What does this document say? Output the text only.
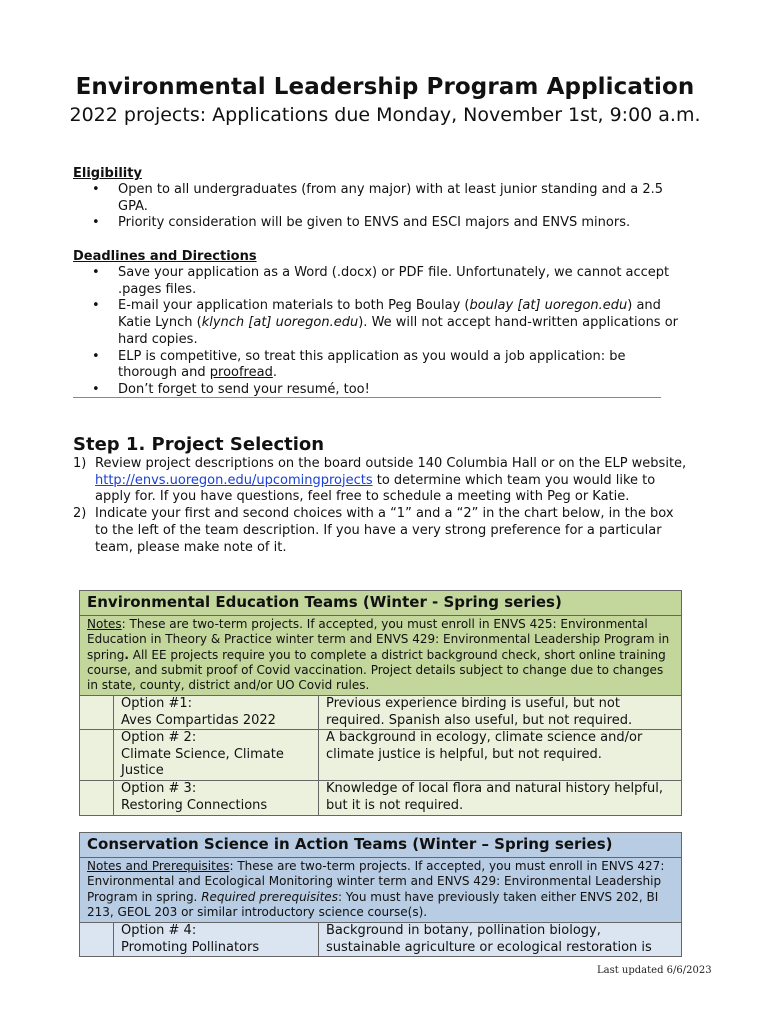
Environmental Leadership Program Application
2022 projects: Applications due Monday, November 1st, 9:00 a.m.
Eligibility
• Open to all undergraduates (from any major) with at least junior standing and a 2.5 GPA.
• Priority consideration will be given to ENVS and ESCI majors and ENVS minors.
Deadlines and Directions
• Save your application as a Word (.docx) or PDF file. Unfortunately, we cannot accept .pages files.
• E-mail your application materials to both Peg Boulay (boulay [at] uoregon.edu) and Katie Lynch (klynch [at] uoregon.edu). We will not accept hand-written applications or hard copies.
• ELP is competitive, so treat this application as you would a job application: be thorough and proofread.
• Don’t forget to send your resumé, too!
Step 1. Project Selection
1) Review project descriptions on the board outside 140 Columbia Hall or on the ELP website, http://envs.uoregon.edu/upcomingprojects to determine which team you would like to apply for. If you have questions, feel free to schedule a meeting with Peg or Katie.
2) Indicate your first and second choices with a “1” and a “2” in the chart below, in the box to the left of the team description. If you have a very strong preference for a particular team, please make note of it.
Environmental Education Teams (Winter - Spring series)
Notes: These are two-term projects. If accepted, you must enroll in ENVS 425: Environmental Education in Theory & Practice winter term and ENVS 429: Environmental Leadership Program in spring. All EE projects require you to complete a district background check, short online training course, and submit proof of Covid vaccination. Project details subject to change due to changes in state, county, district and/or UO Covid rules.
Option #1:
Aves Compartidas 2022
Previous experience birding is useful, but not required. Spanish also useful, but not required.
Option # 2:
Climate Science, Climate Justice
A background in ecology, climate science and/or climate justice is helpful, but not required.
Option # 3:
Restoring Connections
Knowledge of local flora and natural history helpful, but it is not required.
Conservation Science in Action Teams (Winter – Spring series)
Notes and Prerequisites: These are two-term projects. If accepted, you must enroll in ENVS 427: Environmental and Ecological Monitoring winter term and ENVS 429: Environmental Leadership Program in spring. Required prerequisites: You must have previously taken either ENVS 202, BI 213, GEOL 203 or similar introductory science course(s).
Option # 4:
Promoting Pollinators
Background in botany, pollination biology, sustainable agriculture or ecological restoration is
Last updated 6/6/2023
